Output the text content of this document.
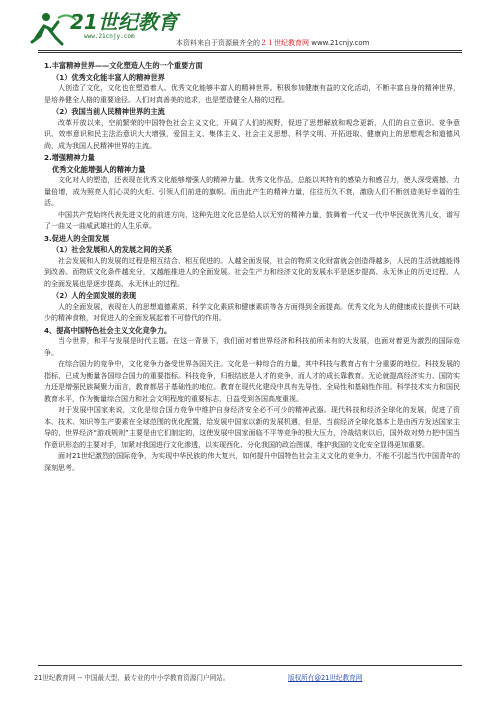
21世纪教育
www.21cnjy.com
本资料来自于资源最齐全的２１世纪教育网 www.21cnjy.com

1.丰富精神世界——文化塑造人生的一个重要方面

（1）优秀文化能丰富人的精神世界

人创造了文化，文化也在塑造着人。优秀文化能够丰富人的精神世界。积极参加健康有益的文化活动，不断丰富自身的精神世界，是培养健全人格的重要途径。人们对真善美的追求，也是塑造健全人格的过程。

（2）我国当前人民精神世界的主流

改革开放以来，空前繁荣的中国特色社会主义文化，开阔了人们的视野，促进了思想解放和观念更新，人们的自立意识、竞争意识、效率意识和民主法治意识大大增强，爱国主义、集体主义、社会主义思想、科学文明、开拓进取、健康向上的思想观念和道德风尚，成为我国人民精神世界的主流。

2.增强精神力量

优秀文化能增强人的精神力量

文化对人的塑造，还表现在优秀文化能够增强人的精神力量。优秀文化作品，总能以其特有的感染力和感召力，使人深受震撼、力量倍增，成为照亮人们心灵的火炬、引领人们前进的旗帜。而由此产生的精神力量，往往历久不衰，激励人们不断创造美好幸福的生活。

中国共产党始终代表先进文化的前进方向，这种先进文化总是给人以无穷的精神力量，鼓舞着一代又一代中华民族优秀儿女，谱写了一曲又一曲威武雄壮的人生乐章。

3.促进人的全面发展

（1）社会发展和人的发展之间的关系

社会发展和人的发展的过程是相互结合、相互促进的。人越全面发展，社会的物质文化财富就会创造得越多，人民的生活就越能得到改善。而物质文化条件越充分，又越能推进人的全面发展。社会生产力和经济文化的发展水平是逐步提高、永无休止的历史过程，人的全面发展也是逐步提高、永无休止的过程。

（2）人的全面发展的表现

人的全面发展，表现在人的思想道德素质、科学文化素质和健康素质等各方面得到全面提高。优秀文化为人的健康成长提供不可缺少的精神食粮，对促进人的全面发展起着不可替代的作用。

4、提高中国特色社会主义文化竞争力。

当今世界，和平与发展是时代主题。在这一背景下，我们面对着世界经济和科技前所未有的大发展，也面对着更为激烈的国际竞争。

在综合国力的竞争中，文化竞争力备受世界各国关注。文化是一种综合的力量，其中科技与教育占有十分重要的地位。科技发展的指标，已成为衡量各国综合国力的重要指标。科技竞争，归根结底是人才的竞争，而人才的成长靠教育。无论就提高经济实力、国防实力还是增强民族凝聚力而言，教育都居于基础性的地位。教育在现代化建设中具有先导性、全局性和基础性作用。科学技术实力和国民教育水平，作为衡量综合国力和社会文明程度的重要标志，日益受到各国高度重视。

对于发展中国家来说，文化是综合国力竞争中维护自身经济安全必不可少的精神武器。现代科技和经济全球化的发展，促进了资本、技术、知识等生产要素在全球范围的优化配置，给发展中国家以新的发展机遇，但是，当前经济全球化基本上是由西方发达国家主导的，世界经济“游戏规则”主要是由它们制定的，这使发展中国家面临不平等竞争的极大压力，冷战结束以后，国外敌对势力把中国当作意识形态的主要对手，加紧对我国进行文化渗透，以实现西化、分化我国的政治图谋，维护我国的文化安全显得更加重要。

面对21世纪激烈的国际竞争，为实现中华民族的伟大复兴，如何提升中国特色社会主义文化的竞争力，不能不引起当代中国青年的深刻思考。

21世纪教育网 -- 中国最大型、最专业的中小学教育资源门户网站。	版权所有@21世纪教育网
